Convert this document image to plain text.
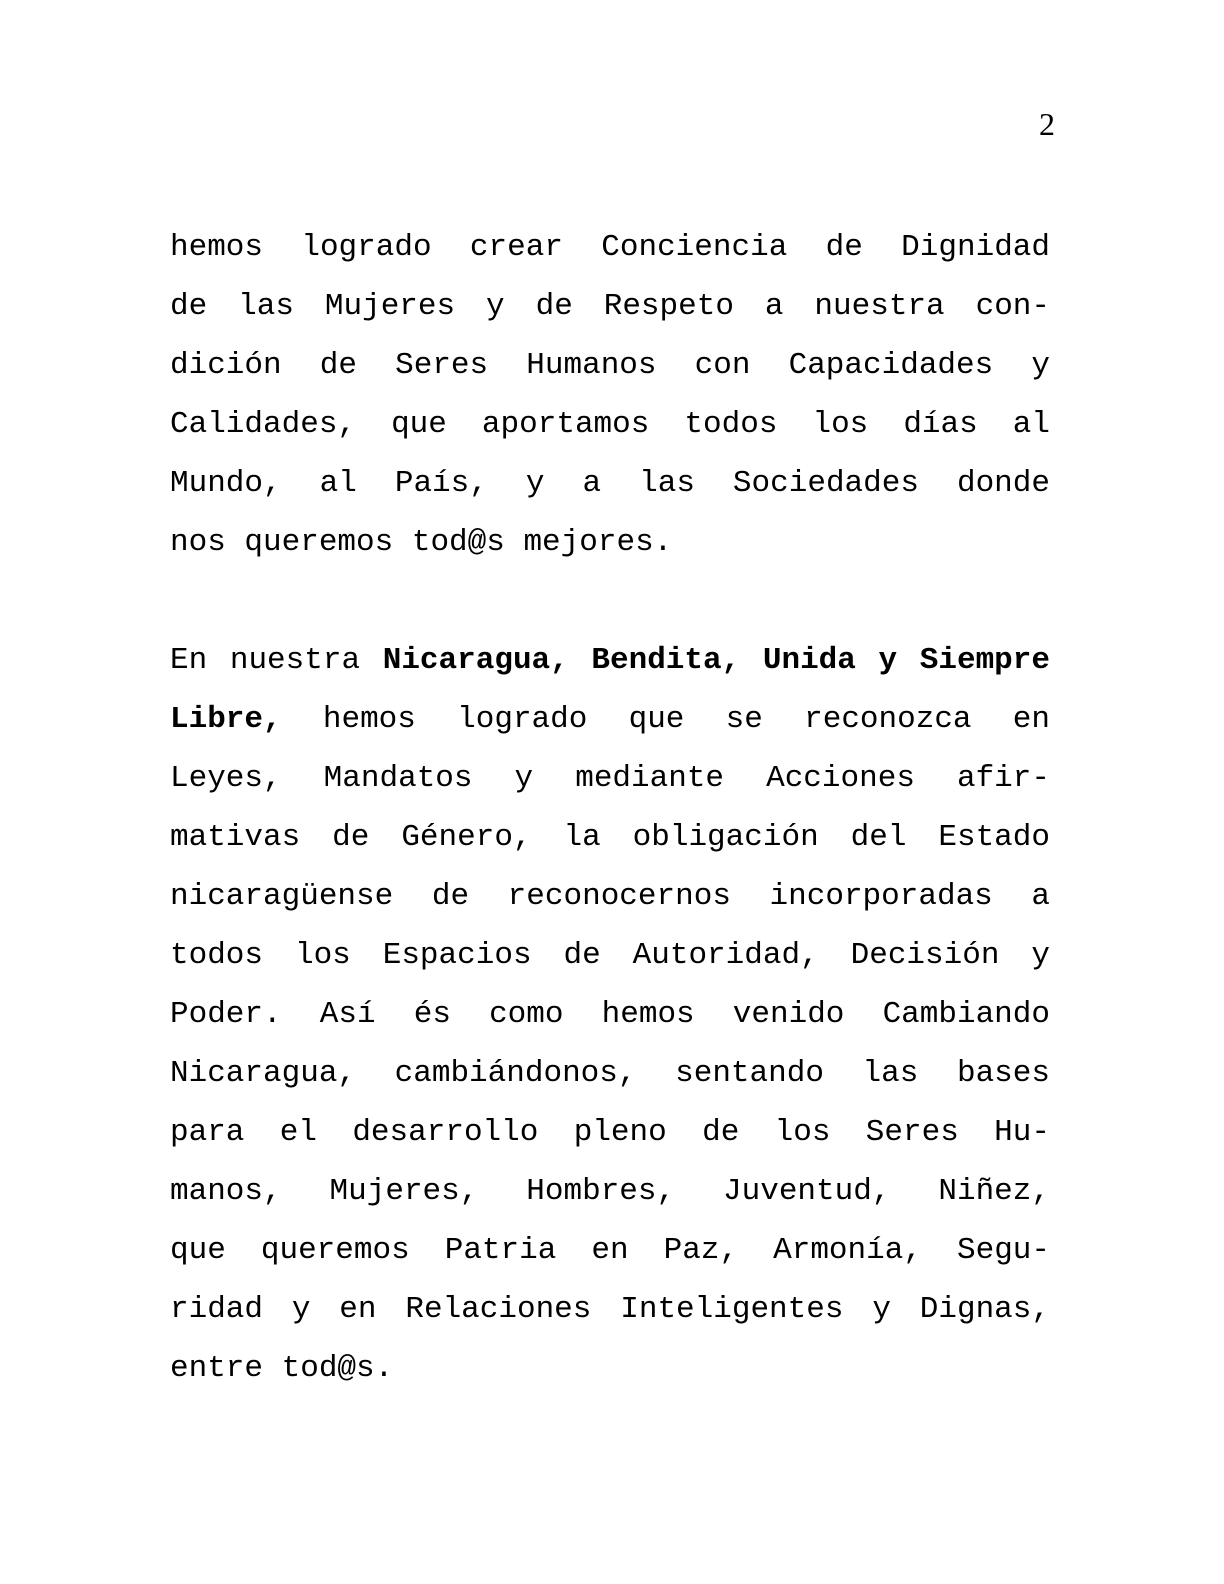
2
hemos logrado crear Conciencia de Dignidad
de las Mujeres y de Respeto a nuestra con-
dición de Seres Humanos con Capacidades y
Calidades, que aportamos todos los días al
Mundo, al País, y a las Sociedades donde
nos queremos tod@s mejores.
En nuestra Nicaragua, Bendita, Unida y Siempre
Libre, hemos logrado que se reconozca en
Leyes, Mandatos y mediante Acciones afir-
mativas de Género, la obligación del Estado
nicaragüense de reconocernos incorporadas a
todos los Espacios de Autoridad, Decisión y
Poder. Así és como hemos venido Cambiando
Nicaragua, cambiándonos, sentando las bases
para el desarrollo pleno de los Seres Hu-
manos, Mujeres, Hombres, Juventud, Niñez,
que queremos Patria en Paz, Armonía, Segu-
ridad y en Relaciones Inteligentes y Dignas,
entre tod@s.
